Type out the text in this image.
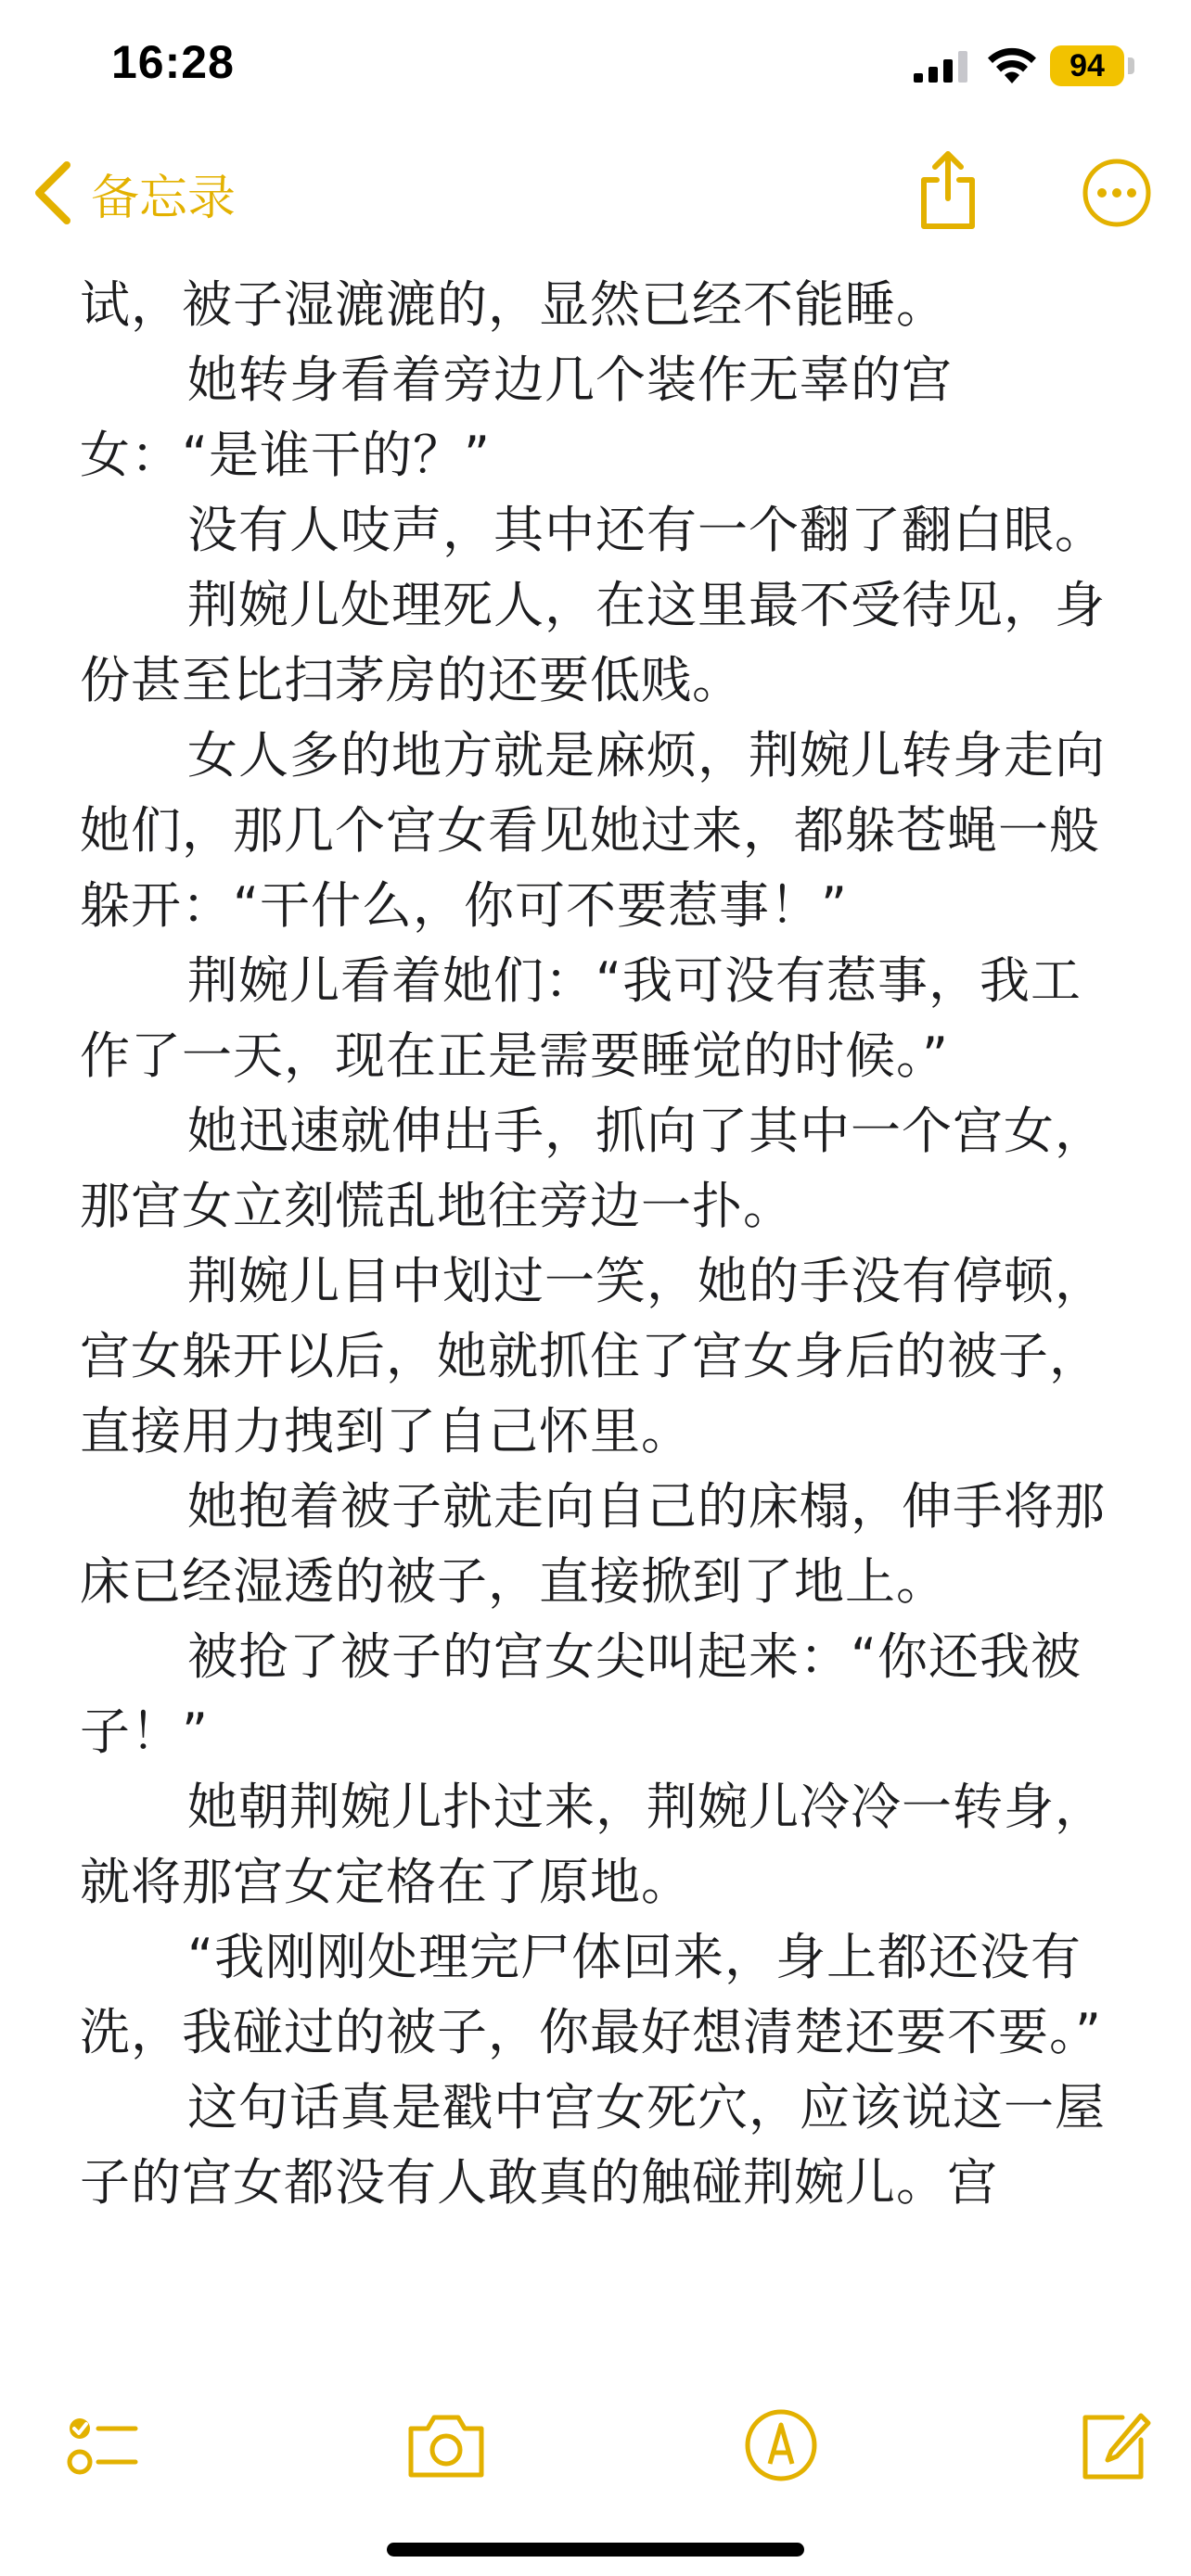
16:28	94
备忘录

试，被子湿漉漉的，显然已经不能睡。

她转身看着旁边几个装作无辜的宫女：“是谁干的？”

没有人吱声，其中还有一个翻了翻白眼。

荆婉儿处理死人，在这里最不受待见，身份甚至比扫茅房的还要低贱。

女人多的地方就是麻烦，荆婉儿转身走向她们，那几个宫女看见她过来，都躲苍蝇一般躲开：“干什么，你可不要惹事！”

荆婉儿看着她们：“我可没有惹事，我工作了一天，现在正是需要睡觉的时候。”

她迅速就伸出手，抓向了其中一个宫女，那宫女立刻慌乱地往旁边一扑。

荆婉儿目中划过一笑，她的手没有停顿，宫女躲开以后，她就抓住了宫女身后的被子，直接用力拽到了自己怀里。

她抱着被子就走向自己的床榻，伸手将那床已经湿透的被子，直接掀到了地上。

被抢了被子的宫女尖叫起来：“你还我被子！”

她朝荆婉儿扑过来，荆婉儿冷冷一转身，就将那宫女定格在了原地。

“我刚刚处理完尸体回来，身上都还没有洗，我碰过的被子，你最好想清楚还要不要。”

这句话真是戳中宫女死穴，应该说这一屋子的宫女都没有人敢真的触碰荆婉儿。宫
